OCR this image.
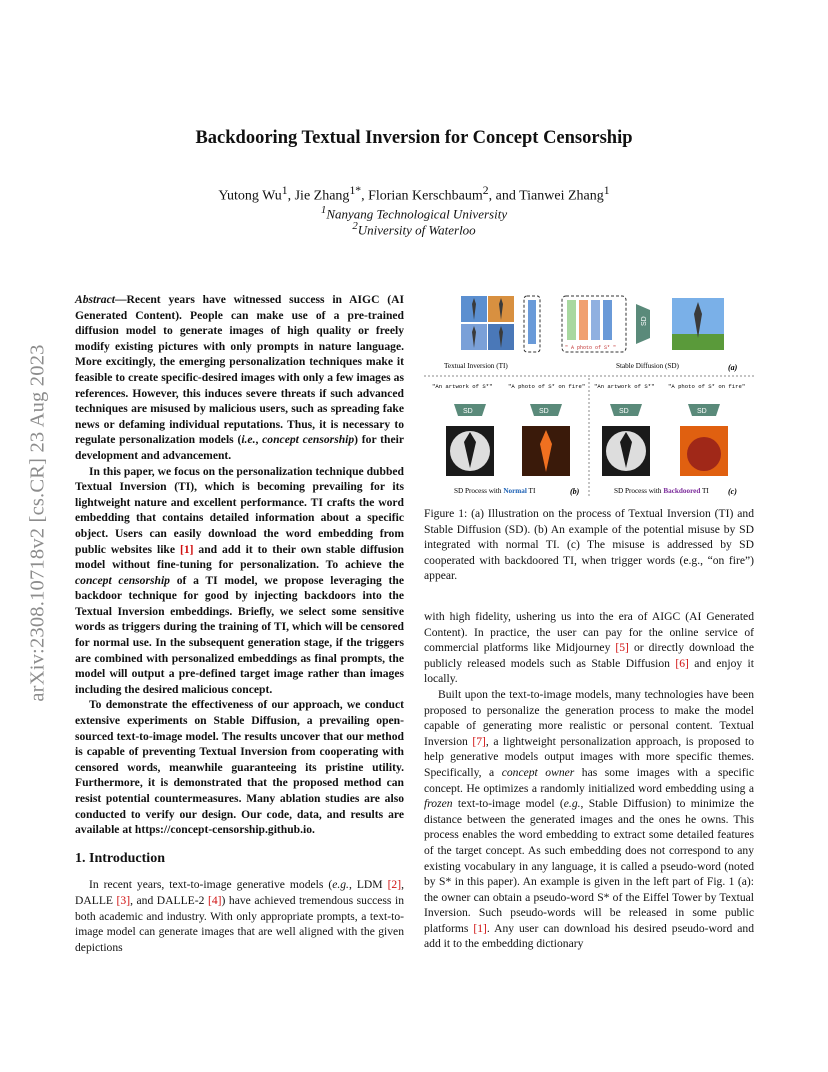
arXiv:2308.10718v2 [cs.CR] 23 Aug 2023
Backdooring Textual Inversion for Concept Censorship
Yutong Wu$^1$, Jie Zhang$^{1*}$, Florian Kerschbaum$^2$, and Tianwei Zhang$^1$
$^1$Nanyang Technological University
$^2$University of Waterloo

Abstract—Recent years have witnessed success in AIGC (AI Generated Content). People can make use of a pre-trained diffusion model to generate images of high quality or freely modify existing pictures with only prompts in nature language. More excitingly, the emerging personalization techniques make it feasible to create specific-desired images with only a few images as references. However, this induces severe threats if such advanced techniques are misused by malicious users, such as spreading fake news or defaming individual reputations. Thus, it is necessary to regulate personalization models (i.e., concept censorship) for their development and advancement.

In this paper, we focus on the personalization technique dubbed Textual Inversion (TI), which is becoming prevailing for its lightweight nature and excellent performance. TI crafts the word embedding that contains detailed information about a specific object. Users can easily download the word embedding from public websites like [1] and add it to their own stable diffusion model without fine-tuning for personalization. To achieve the concept censorship of a TI model, we propose leveraging the backdoor technique for good by injecting backdoors into the Textual Inversion embeddings. Briefly, we select some sensitive words as triggers during the training of TI, which will be censored for normal use. In the subsequent generation stage, if the triggers are combined with personalized embeddings as final prompts, the model will output a pre-defined target image rather than images including the desired malicious concept.

To demonstrate the effectiveness of our approach, we conduct extensive experiments on Stable Diffusion, a prevailing open-sourced text-to-image model. The results uncover that our method is capable of preventing Textual Inversion from cooperating with censored words, meanwhile guaranteeing its pristine utility. Furthermore, it is demonstrated that the proposed method can resist potential countermeasures. Many ablation studies are also conducted to verify our design. Our code, data, and results are available at https://concept-censorship.github.io.

1. Introduction

In recent years, text-to-image generative models (e.g., LDM [2], DALLE [3], and DALLE-2 [4]) have achieved tremendous success in both academic and industry. With only appropriate prompts, a text-to-image model can generate images that are well aligned with the given depictions

" A photo of S* "
SD
Textual Inversion (TI)	Stable Diffusion (SD)	(a)
"An artwork of S*"	"A photo of S* on fire" "An artwork of S*" "A photo of S* on fire"
SD	SD	SD	SD
SD Process with Normal TI	(b)	SD Process with Backdoored TI (c)
Figure 1: (a) Illustration on the process of Textual Inversion (TI) and Stable Diffusion (SD). (b) An example of the potential misuse by SD integrated with normal TI. (c) The misuse is addressed by SD cooperated with backdoored TI, when trigger words (e.g., “on fire”) appear.

with high fidelity, ushering us into the era of AIGC (AI Generated Content). In practice, the user can pay for the online service of commercial platforms like Midjourney [5] or directly download the publicly released models such as Stable Diffusion [6] and enjoy it locally.

Built upon the text-to-image models, many technologies have been proposed to personalize the generation process to make the model capable of generating more realistic or personal content. Textual Inversion [7], a lightweight personalization approach, is proposed to help generative models output images with more specific themes. Specifically, a concept owner has some images with a specific concept. He optimizes a randomly initialized word embedding using a frozen text-to-image model (e.g., Stable Diffusion) to minimize the distance between the generated images and the ones he owns. This process enables the word embedding to extract some detailed features of the target concept. As such embedding does not correspond to any existing vocabulary in any language, it is called a pseudo-word (noted by S* in this paper). An example is given in the left part of Fig. 1 (a): the owner can obtain a pseudo-word S* of the Eiffel Tower by Textual Inversion. Such pseudo-words will be released in some public platforms [1]. Any user can download his desired pseudo-word and add it to the embedding dictionary
